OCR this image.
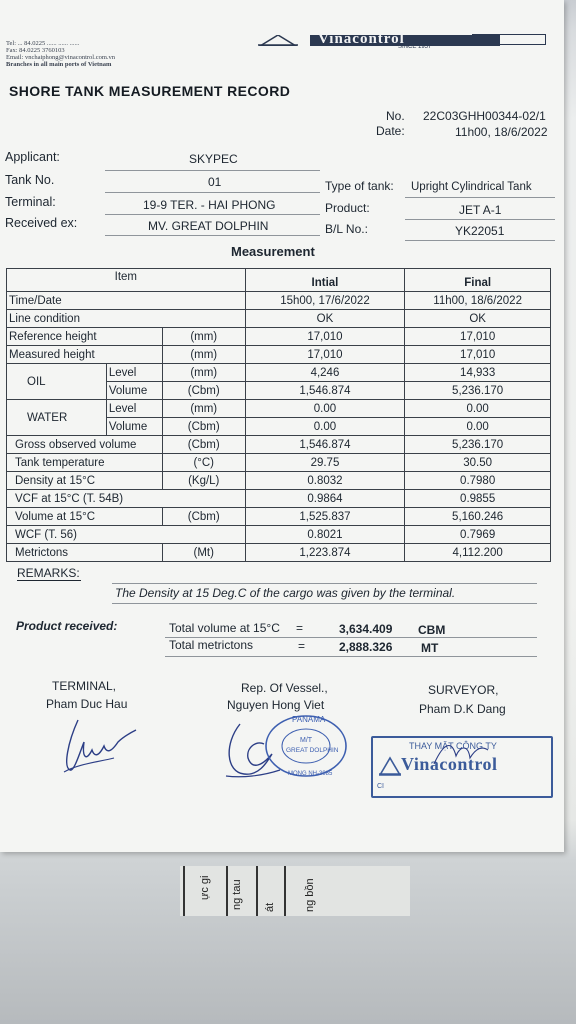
Tel: ... 84.0225 ...... ...... ......
Fax: 84.0225 3760103
Email: vnchaiphong@vinacontrol.com.vn
Branches in all main ports of Vietnam
Vinacontrol
SINCE 1957
SHORE TANK MEASUREMENT RECORD
No. 22C03GHH00344-02/1
Date:	11h00, 18/6/2022
Applicant:	SKYPEC
Tank No.	01
Terminal:	19-9 TER. - HAI PHONG
Received ex:	MV. GREAT DOLPHIN
Type of tank: Upright Cylindrical Tank
Product:	JET A-1
B/L No.:	YK22051
Measurement
Item			Intial	Final
Time/Date			15h00, 17/6/2022	11h00, 18/6/2022
Line condition			OK	OK
Reference height		(mm)	17,010	17,010
Measured height		(mm)	17,010	17,010
OIL	Level	(mm)	4,246	14,933
	Volume	(Cbm)	1,546.874	5,236.170
WATER	Level	(mm)	0.00	0.00
	Volume	(Cbm)	0.00	0.00
Gross observed volume		(Cbm)	1,546.874	5,236.170
Tank temperature		(°C)	29.75	30.50
Density at 15°C		(Kg/L)	0.8032	0.7980
VCF at 15°C (T. 54B)			0.9864	0.9855
Volume at 15°C		(Cbm)	1,525.837	5,160.246
WCF (T. 56)			0.8021	0.7969
Metrictons		(Mt)	1,223.874	4,112.200
REMARKS:
The Density at 15 Deg.C of the cargo was given by the terminal.
Product received:	Total volume at 15°C =	3,634.409 CBM
Total metrictons	=	2,888.326 MT
TERMINAL,
Pham Duc Hau
Rep. Of Vessel.,
Nguyen Hong Viet
PANAMA
M/T
GREAT DOLPHIN
MONG NH-3985
SURVEYOR,
Pham D.K Dang
THAY MẶT CÔNG TY
Vinacontrol
CI
ực gi ng tau át	ng bồn
